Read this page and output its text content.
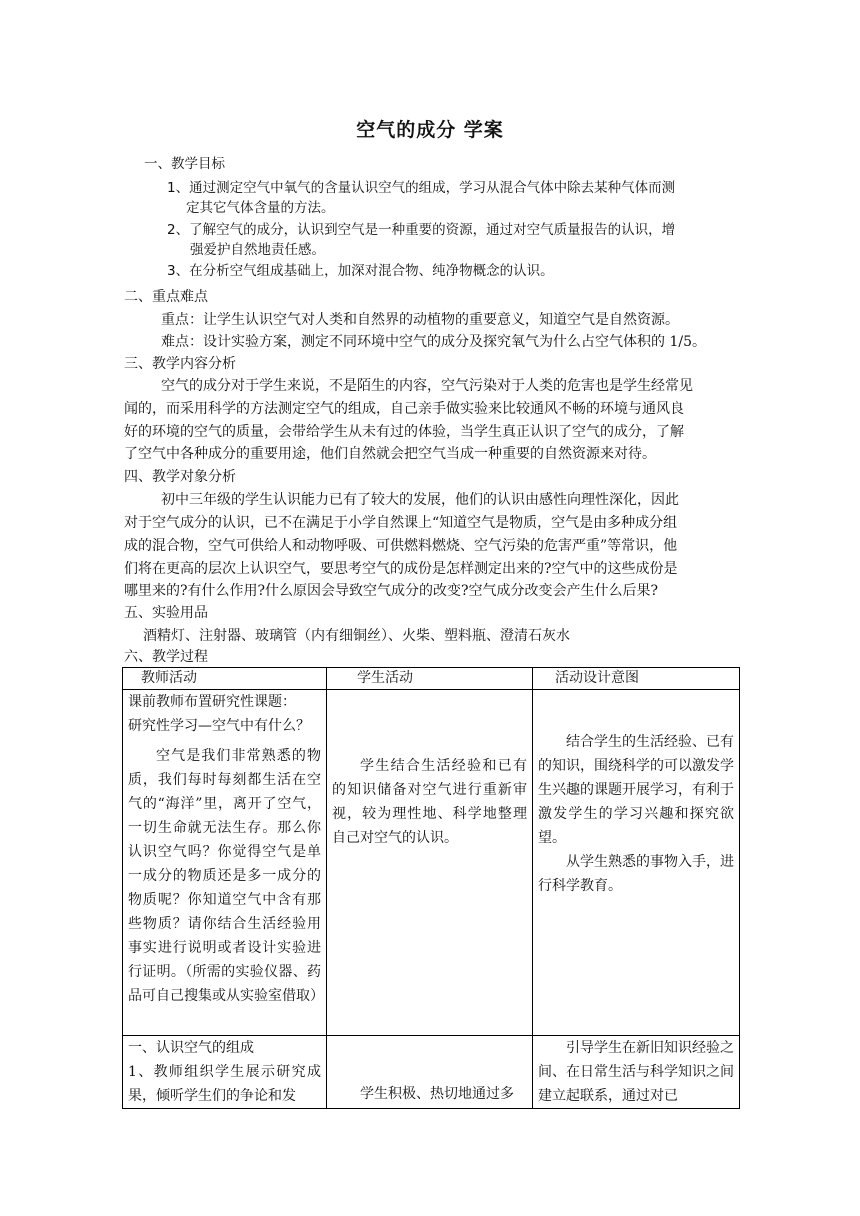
空气的成分 学案
一、教学目标
1、通过测定空气中氧气的含量认识空气的组成，学习从混合气体中除去某种气体而测
定其它气体含量的方法。
2、了解空气的成分，认识到空气是一种重要的资源，通过对空气质量报告的认识，增
强爱护自然地责任感。
3、在分析空气组成基础上，加深对混合物、纯净物概念的认识。
二、重点难点
重点：让学生认识空气对人类和自然界的动植物的重要意义，知道空气是自然资源。
难点：设计实验方案，测定不同环境中空气的成分及探究氧气为什么占空气体积的 1/5。
三、教学内容分析
空气的成分对于学生来说，不是陌生的内容，空气污染对于人类的危害也是学生经常见
闻的，而采用科学的方法测定空气的组成，自己亲手做实验来比较通风不畅的环境与通风良
好的环境的空气的质量，会带给学生从未有过的体验，当学生真正认识了空气的成分，了解
了空气中各种成分的重要用途，他们自然就会把空气当成一种重要的自然资源来对待。
四、教学对象分析
初中三年级的学生认识能力已有了较大的发展，他们的认识由感性向理性深化，因此
对于空气成分的认识，已不在满足于小学自然课上“知道空气是物质，空气是由多种成分组
成的混合物，空气可供给人和动物呼吸、可供燃料燃烧、空气污染的危害严重”等常识，他
们将在更高的层次上认识空气，要思考空气的成份是怎样测定出来的?空气中的这些成份是
哪里来的?有什么作用?什么原因会导致空气成分的改变?空气成分改变会产生什么后果?
五、实验用品
酒精灯、注射器、玻璃管（内有细铜丝）、火柴、塑料瓶、澄清石灰水
六、教学过程
教师活动	学生活动	活动设计意图

课前教师布置研究性课题：
研究性学习—空气中有什么？
空气是我们非常熟悉的物质，我们每时每刻都生活在空气的“海洋”里，离开了空气，一切生命就无法生存。那么你认识空气吗？你觉得空气是单一成分的物质还是多一成分的物质呢？你知道空气中含有那些物质？请你结合生活经验用事实进行说明或者设计实验进行证明。（所需的实验仪器、药品可自己搜集或从实验室借取）	学生结合生活经验和已有的知识储备对空气进行重新审视，较为理性地、科学地整理自己对空气的认识。	结合学生的生活经验、已有的知识，围绕科学的可以激发学生兴趣的课题开展学习，有利于激发学生的学习兴趣和探究欲望。
从学生熟悉的事物入手，进行科学教育。

一、认识空气的组成
1、教师组织学生展示研究成果，倾听学生们的争论和发	学生积极、热切地通过多	引导学生在新旧知识经验之间、在日常生活与科学知识之间建立起联系，通过对已
